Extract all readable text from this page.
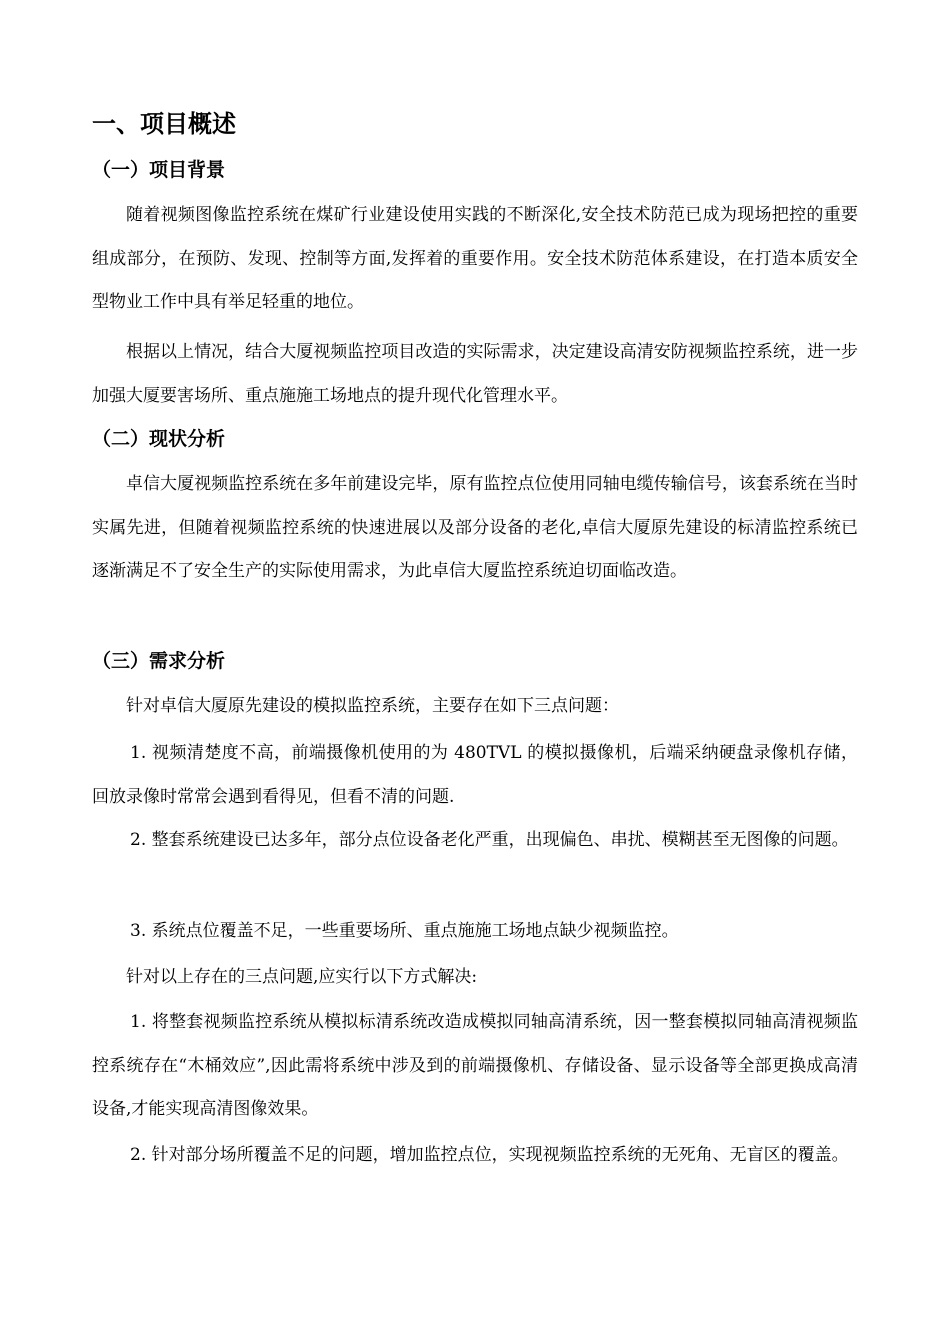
一、项目概述
（一）项目背景

随着视频图像监控系统在煤矿行业建设使用实践的不断深化,安全技术防范已成为现场把控的重要组成部分，在预防、发现、控制等方面,发挥着的重要作用。安全技术防范体系建设，在打造本质安全型物业工作中具有举足轻重的地位。

根据以上情况，结合大厦视频监控项目改造的实际需求，决定建设高清安防视频监控系统，进一步加强大厦要害场所、重点施施工场地点的提升现代化管理水平。

（二）现状分析

卓信大厦视频监控系统在多年前建设完毕，原有监控点位使用同轴电缆传输信号，该套系统在当时实属先进，但随着视频监控系统的快速进展以及部分设备的老化,卓信大厦原先建设的标清监控系统已逐渐满足不了安全生产的实际使用需求，为此卓信大厦监控系统迫切面临改造。

（三）需求分析

针对卓信大厦原先建设的模拟监控系统，主要存在如下三点问题：

1. 视频清楚度不高，前端摄像机使用的为 480TVL 的模拟摄像机，后端采纳硬盘录像机存储，回放录像时常常会遇到看得见，但看不清的问题.

2. 整套系统建设已达多年，部分点位设备老化严重，出现偏色、串扰、模糊甚至无图像的问题。

3. 系统点位覆盖不足，一些重要场所、重点施施工场地点缺少视频监控。

针对以上存在的三点问题,应实行以下方式解决:

1. 将整套视频监控系统从模拟标清系统改造成模拟同轴高清系统，因一整套模拟同轴高清视频监控系统存在“木桶效应”,因此需将系统中涉及到的前端摄像机、存储设备、显示设备等全部更换成高清设备,才能实现高清图像效果。

2. 针对部分场所覆盖不足的问题，增加监控点位，实现视频监控系统的无死角、无盲区的覆盖。
